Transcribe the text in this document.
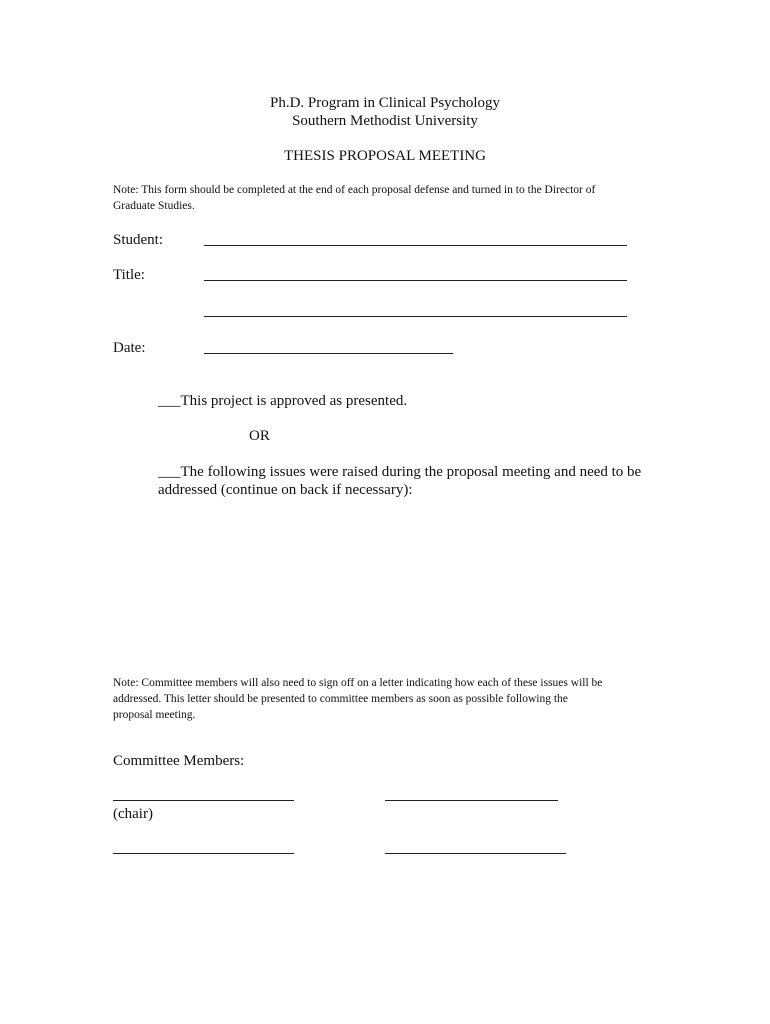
Ph.D. Program in Clinical Psychology
Southern Methodist University
THESIS PROPOSAL MEETING
Note: This form should be completed at the end of each proposal defense and turned in to the Director of
Graduate Studies.
Student:
Title:
Date:
___This project is approved as presented.
OR
___The following issues were raised during the proposal meeting and need to be
addressed (continue on back if necessary):
Note: Committee members will also need to sign off on a letter indicating how each of these issues will be
addressed. This letter should be presented to committee members as soon as possible following the
proposal meeting.
Committee Members:
(chair)
